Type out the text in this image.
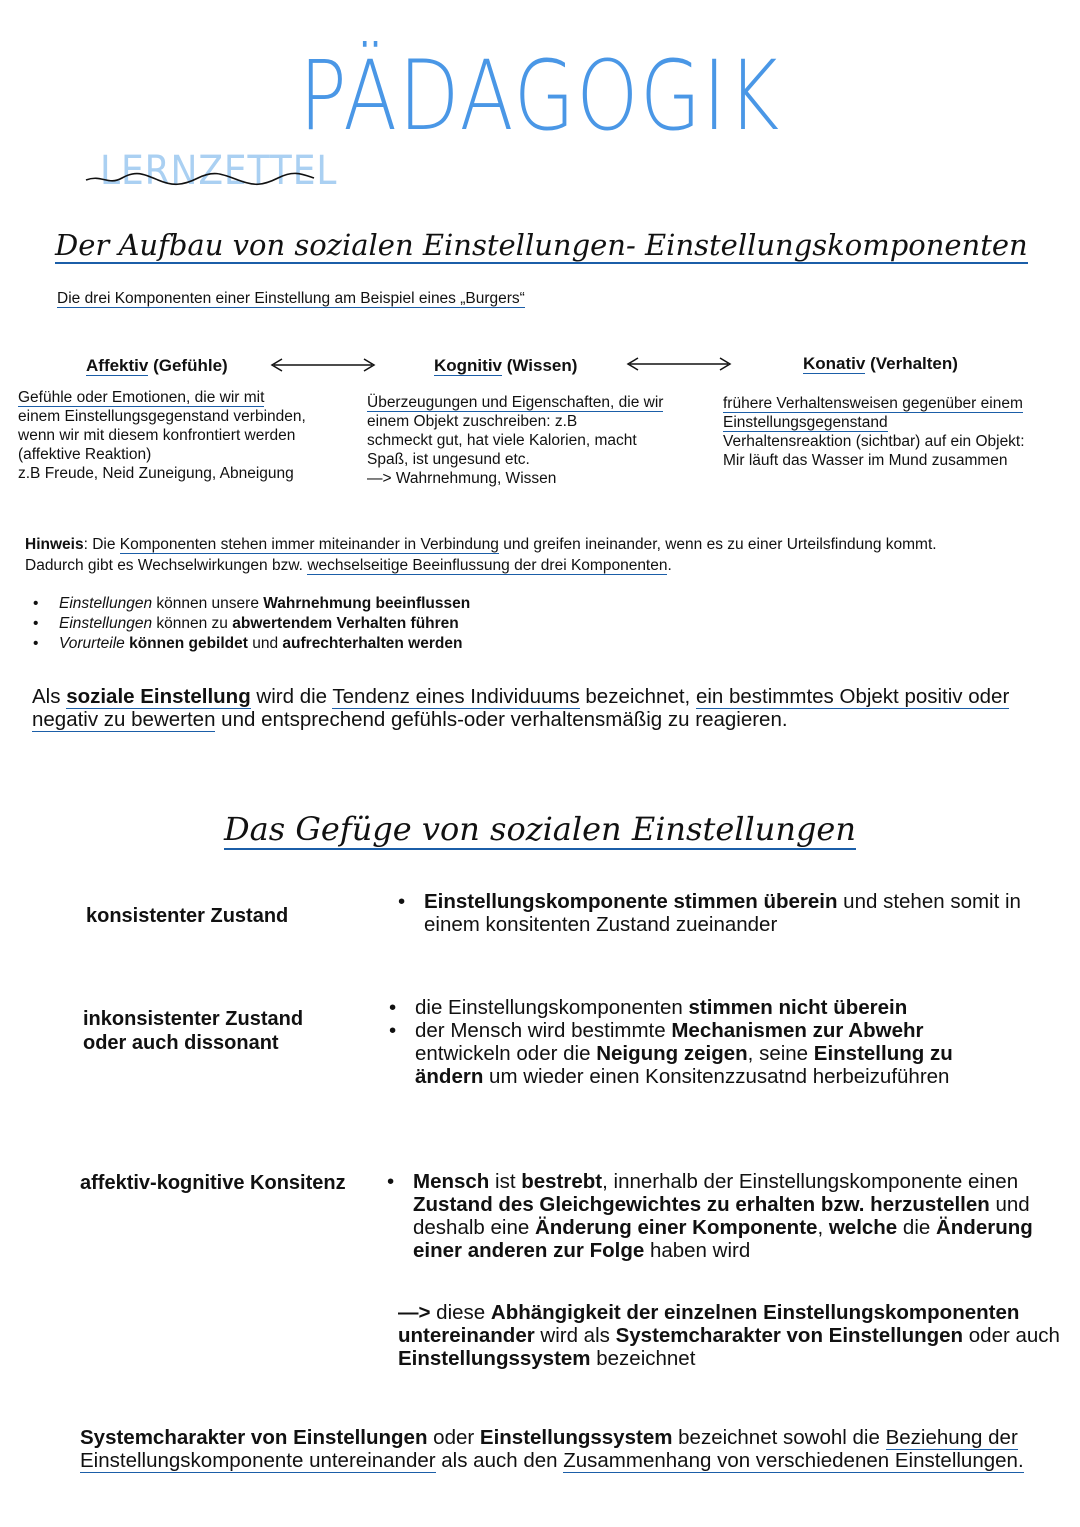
PÄDAGOGIK
LERNZETTEL
Der Aufbau von sozialen Einstellungen- Einstellungskomponenten
Die drei Komponenten einer Einstellung am Beispiel eines „Burgers“
Affektiv (Gefühle)	Kognitiv (Wissen)	Konativ (Verhalten)
Gefühle oder Emotionen, die wir mit
einem Einstellungsgegenstand verbinden,
wenn wir mit diesem konfrontiert werden
(affektive Reaktion)
z.B Freude, Neid Zuneigung, Abneigung
Überzeugungen und Eigenschaften, die wir
einem Objekt zuschreiben: z.B
schmeckt gut, hat viele Kalorien, macht
Spaß, ist ungesund etc.
—> Wahrnehmung, Wissen
frühere Verhaltensweisen gegenüber einem
Einstellungsgegenstand
Verhaltensreaktion (sichtbar) auf ein Objekt:
Mir läuft das Wasser im Mund zusammen
Hinweis: Die Komponenten stehen immer miteinander in Verbindung und greifen ineinander, wenn es zu einer Urteilsfindung kommt.
Dadurch gibt es Wechselwirkungen bzw. wechselseitige Beeinflussung der drei Komponenten.
• Einstellungen können unsere Wahrnehmung beeinflussen
• Einstellungen können zu abwertendem Verhalten führen
• Vorurteile können gebildet und aufrechterhalten werden
Als soziale Einstellung wird die Tendenz eines Individuums bezeichnet, ein bestimmtes Objekt positiv oder
negativ zu bewerten und entsprechend gefühls-oder verhaltensmäßig zu reagieren.
Das Gefüge von sozialen Einstellungen
konsistenter Zustand
• Einstellungskomponente stimmen überein und stehen somit in
einem konsitenten Zustand zueinander
inkonsistenter Zustand
oder auch dissonant
• die Einstellungskomponenten stimmen nicht überein
• der Mensch wird bestimmte Mechanismen zur Abwehr
entwickeln oder die Neigung zeigen, seine Einstellung zu
ändern um wieder einen Konsitenzzusatnd herbeizuführen
affektiv-kognitive Konsitenz
•	Mensch ist bestrebt, innerhalb der Einstellungskomponente einen
Zustand des Gleichgewichtes zu erhalten bzw. herzustellen und
deshalb eine Änderung einer Komponente, welche die Änderung
einer anderen zur Folge haben wird
—> diese Abhängigkeit der einzelnen Einstellungskomponenten
untereinander wird als Systemcharakter von Einstellungen oder auch
Einstellungssystem bezeichnet
Systemcharakter von Einstellungen oder Einstellungssystem bezeichnet sowohl die Beziehung der
Einstellungskomponente untereinander als auch den Zusammenhang von verschiedenen Einstellungen.
